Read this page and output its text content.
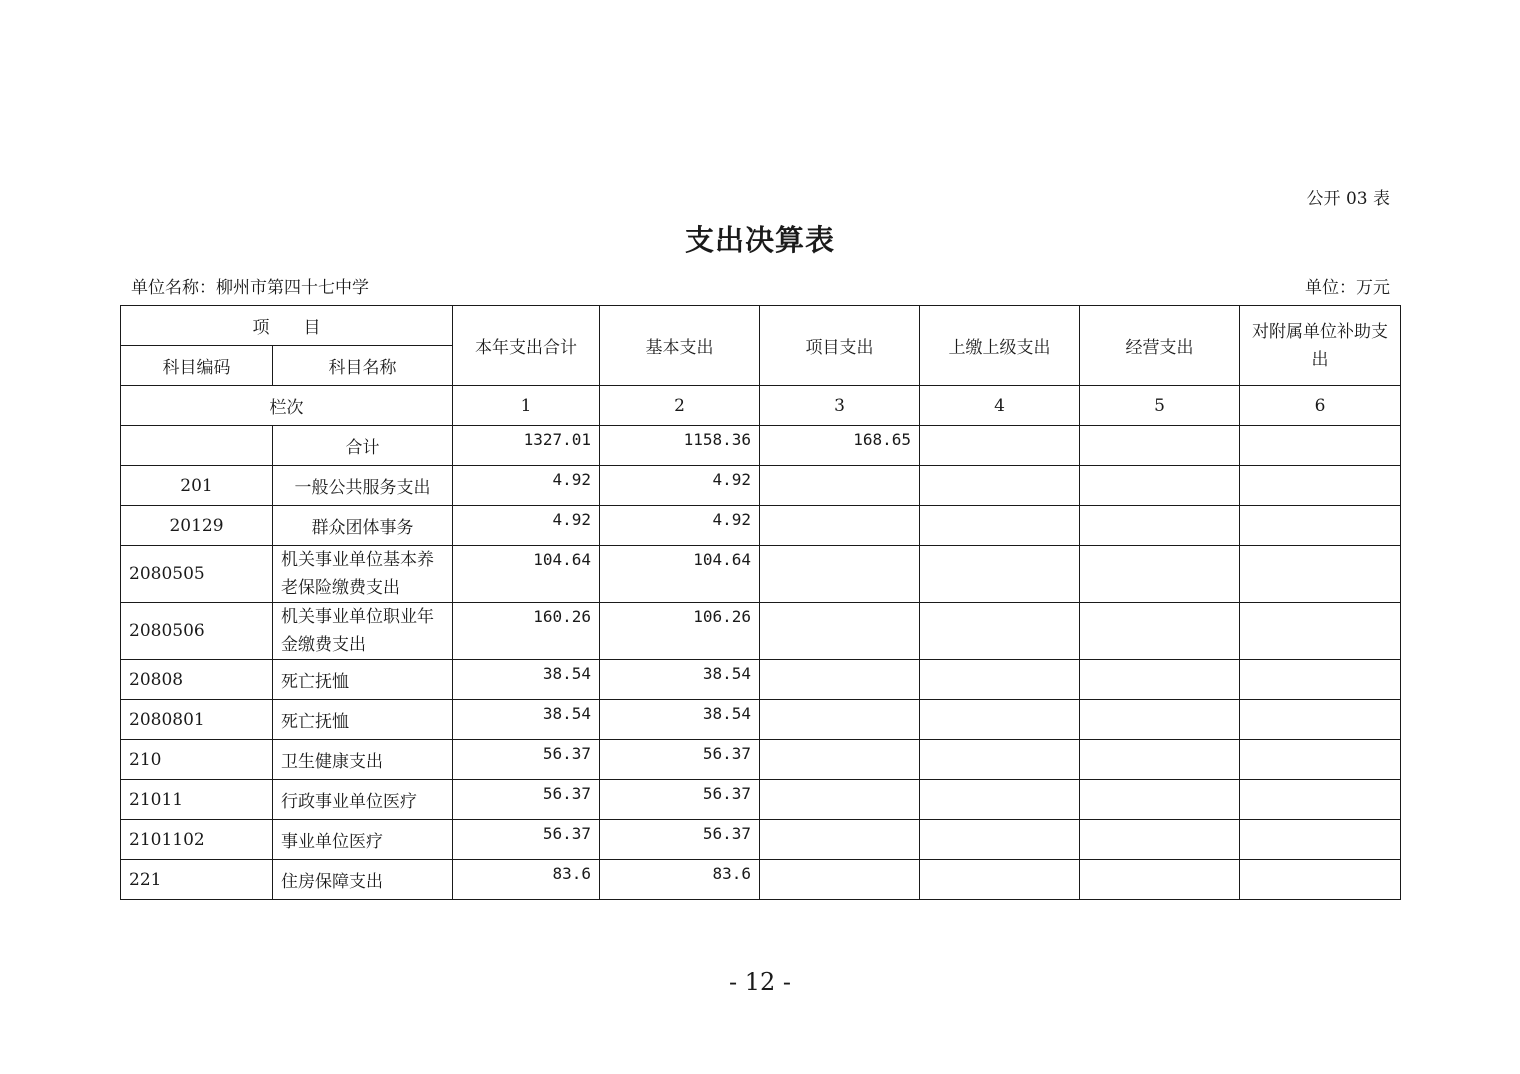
公开 03 表
支出决算表
单位名称：柳州市第四十七中学	单位：万元
项　　目		本年支出合计	基本支出	项目支出	上缴上级支出	经营支出	对附属单位补助支出
科目编码	科目名称						
栏次		1	2	3	4	5	6
	合计	1327.01	1158.36	168.65			
201	一般公共服务支出	4.92	4.92				
20129	群众团体事务	4.92	4.92				
2080505	机关事业单位基本养老保险缴费支出	104.64	104.64				
2080506	机关事业单位职业年金缴费支出	160.26	106.26				
20808	死亡抚恤	38.54	38.54				
2080801	死亡抚恤	38.54	38.54				
210	卫生健康支出	56.37	56.37				
21011	行政事业单位医疗	56.37	56.37				
2101102	事业单位医疗	56.37	56.37				
221	住房保障支出	83.6	83.6				
- 12 -
